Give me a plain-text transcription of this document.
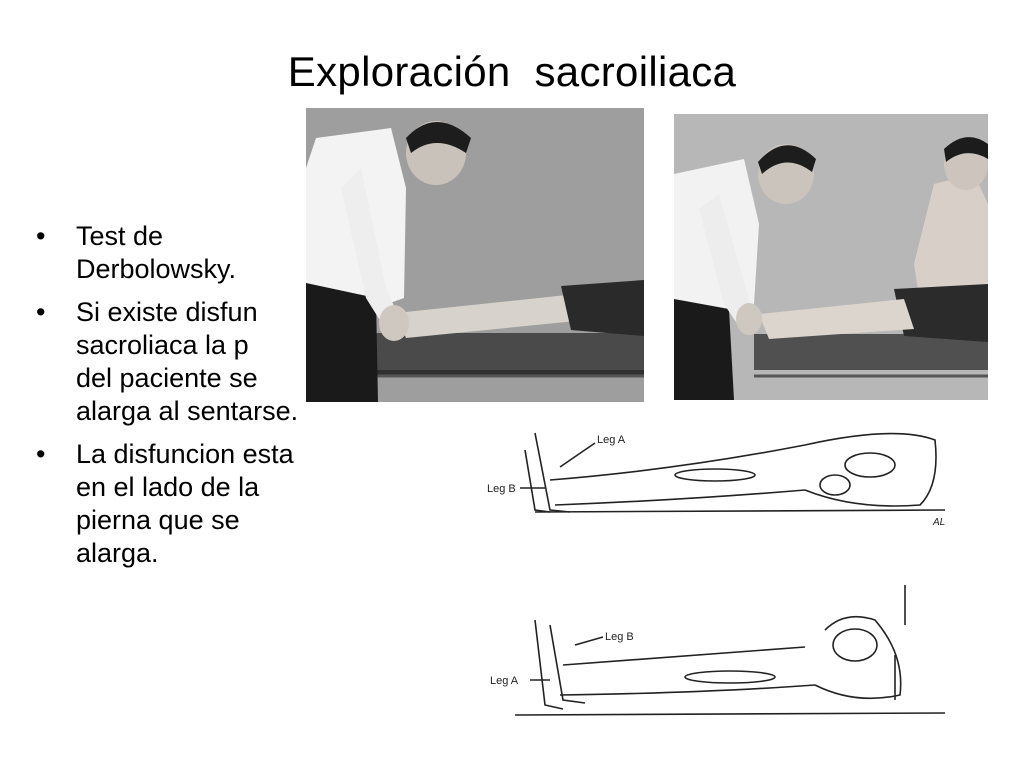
Exploración  sacroiliaca
•	Test de
Derbolowsky.
•	Si existe disfun
sacroliaca la p
del paciente se
alarga al sentarse.
•	La disfuncion esta
en el lado de la
pierna que se
alarga.
Leg A
Leg B
AL
Leg B
Leg A
